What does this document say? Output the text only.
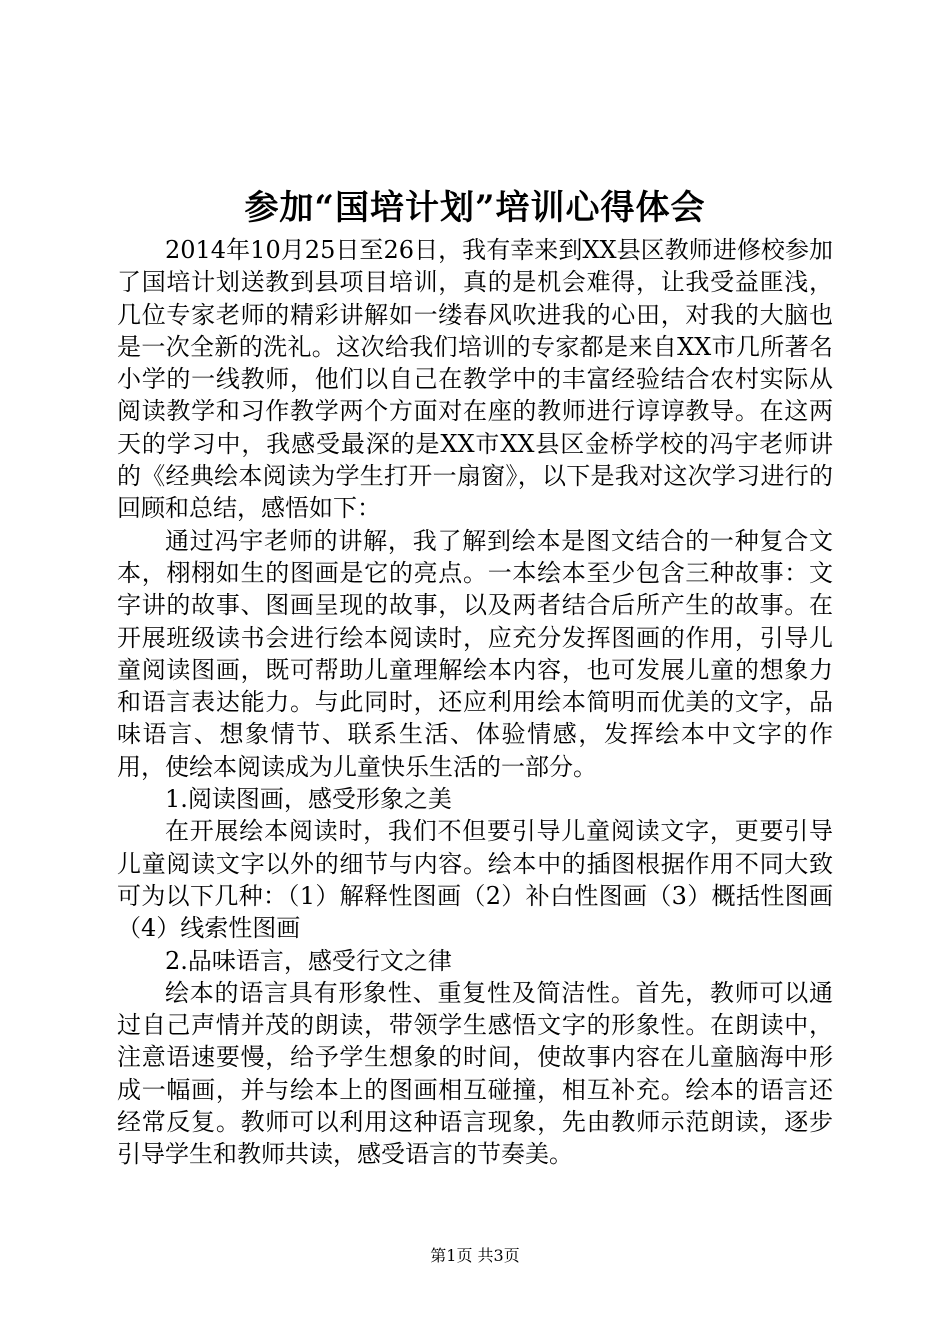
参加“国培计划”培训心得体会

2014年10月25日至26日，我有幸来到XX县区教师进修校参加了国培计划送教到县项目培训，真的是机会难得，让我受益匪浅，几位专家老师的精彩讲解如一缕春风吹进我的心田，对我的大脑也是一次全新的洗礼。这次给我们培训的专家都是来自XX市几所著名小学的一线教师，他们以自己在教学中的丰富经验结合农村实际从阅读教学和习作教学两个方面对在座的教师进行谆谆教导。在这两天的学习中，我感受最深的是XX市XX县区金桥学校的冯宇老师讲的《经典绘本阅读为学生打开一扇窗》，以下是我对这次学习进行的回顾和总结，感悟如下：

通过冯宇老师的讲解，我了解到绘本是图文结合的一种复合文本，栩栩如生的图画是它的亮点。一本绘本至少包含三种故事：文字讲的故事、图画呈现的故事，以及两者结合后所产生的故事。在开展班级读书会进行绘本阅读时，应充分发挥图画的作用，引导儿童阅读图画，既可帮助儿童理解绘本内容，也可发展儿童的想象力和语言表达能力。与此同时，还应利用绘本简明而优美的文字，品味语言、想象情节、联系生活、体验情感，发挥绘本中文字的作用，使绘本阅读成为儿童快乐生活的一部分。

1.阅读图画，感受形象之美

在开展绘本阅读时，我们不但要引导儿童阅读文字，更要引导儿童阅读文字以外的细节与内容。绘本中的插图根据作用不同大致可为以下几种：（1）解释性图画（2）补白性图画（3）概括性图画（4）线索性图画

2.品味语言，感受行文之律

绘本的语言具有形象性、重复性及简洁性。首先，教师可以通过自己声情并茂的朗读，带领学生感悟文字的形象性。在朗读中，注意语速要慢，给予学生想象的时间，使故事内容在儿童脑海中形成一幅画，并与绘本上的图画相互碰撞，相互补充。绘本的语言还经常反复。教师可以利用这种语言现象，先由教师示范朗读，逐步引导学生和教师共读，感受语言的节奏美。

第1页 共3页
